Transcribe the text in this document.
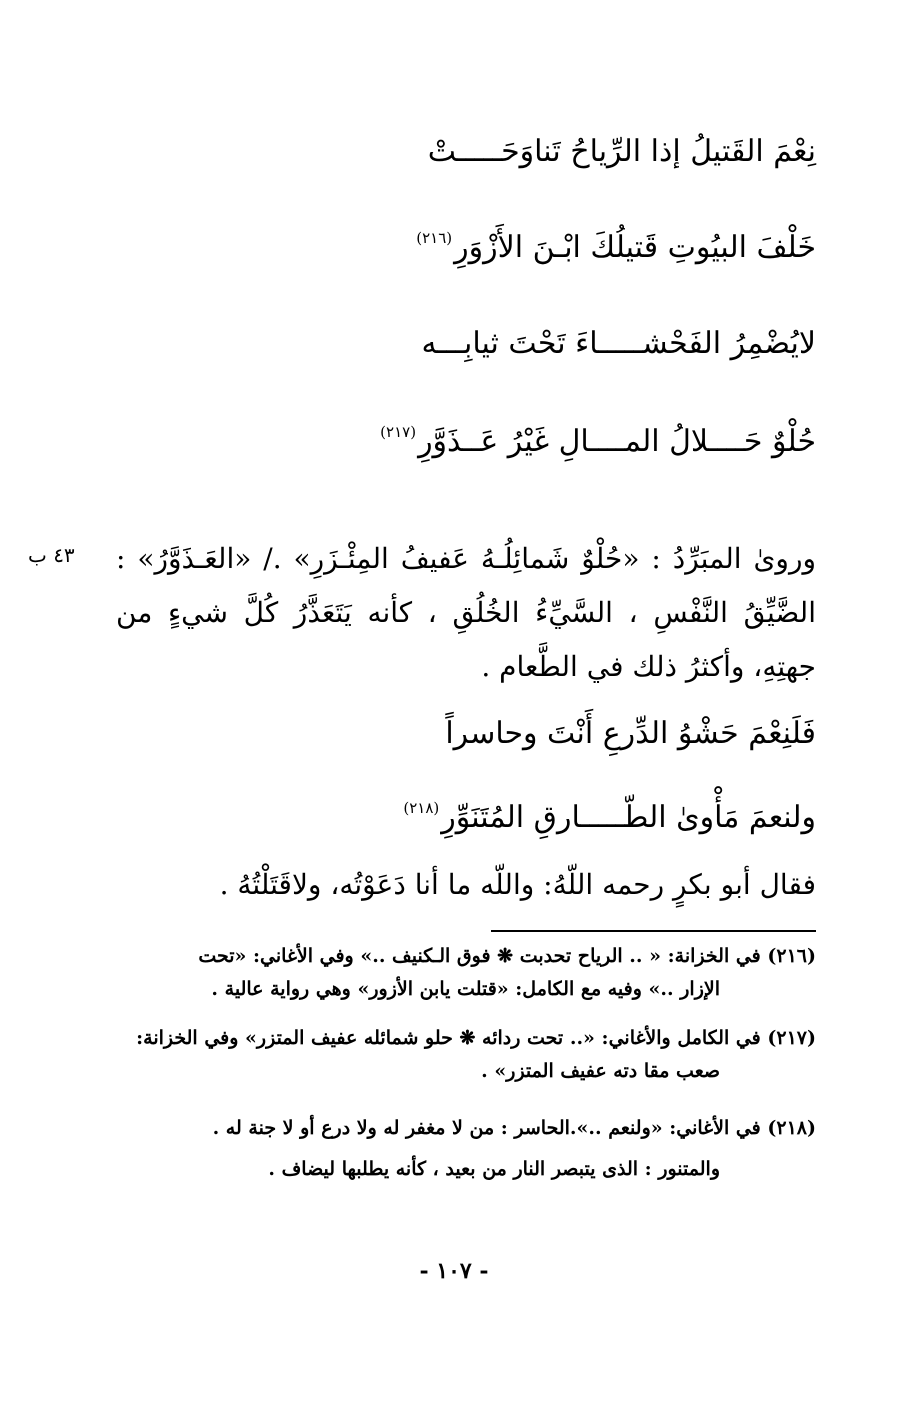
نِعْمَ القَتيلُ إذا الرِّياحُ تَناوَحَـــــتْ
خَلْفَ البيُوتِ قَتيلُكَ ابْـنَ الأَزْوَرِ$^{(٢١٦)}$
لايُضْمِرُ الفَحْشـــــاءَ تَحْتَ ثيابِـــه
حُلْوٌ حَــــلالُ المــــالِ غَيْرُ عَــذَوَّرِ$^{(٢١٧)}$
٤٣ ب وروىٰ المبَرِّدُ : «حُلْوٌ شَمائِلُـهُ عَفيفُ المِئْـزَرِ» ./ «العَـذَوَّرُ» : الضَّيِّقُ النَّفْسِ ، السَّيِّءُ الخُلُقِ ، كأنه يَتَعَذَّرُ كُلَّ شيءٍ من جهتِهِ، وأكثرُ ذلك في الطَّعام .

فَلَنِعْمَ حَشْوُ الدِّرعِ أَنْتَ وحاسراً
ولنعمَ مَأْوىٰ الطّـــــارقِ المُتَنَوِّرِ$^{(٢١٨)}$

فقال أبو بكرٍ رحمه اللّهُ: واللّه ما أنا دَعَوْتُه، ولاقَتَلْتُهُ .

(٢١٦) في الخزانة: « .. الرياح تحدبت ❋ فوق الـكنيف ..» وفي الأغاني: «تحت

الإزار ..» وفيه مع الكامل: «قتلت يابن الأزور» وهي رواية عالية .

(٢١٧) في الكامل والأغاني: «.. تحت ردائه ❋ حلو شمائله عفيف المتزر» وفي الخزانة:

صعب مقا دته عفيف المتزر» .

(٢١٨) في الأغاني: «ولنعم ..».الحاسر : من لا مغفر له ولا درع أو لا جنة له .

والمتنور : الذى يتبصر النار من بعيد ، كأنه يطلبها ليضاف .

- ١٠٧ -
